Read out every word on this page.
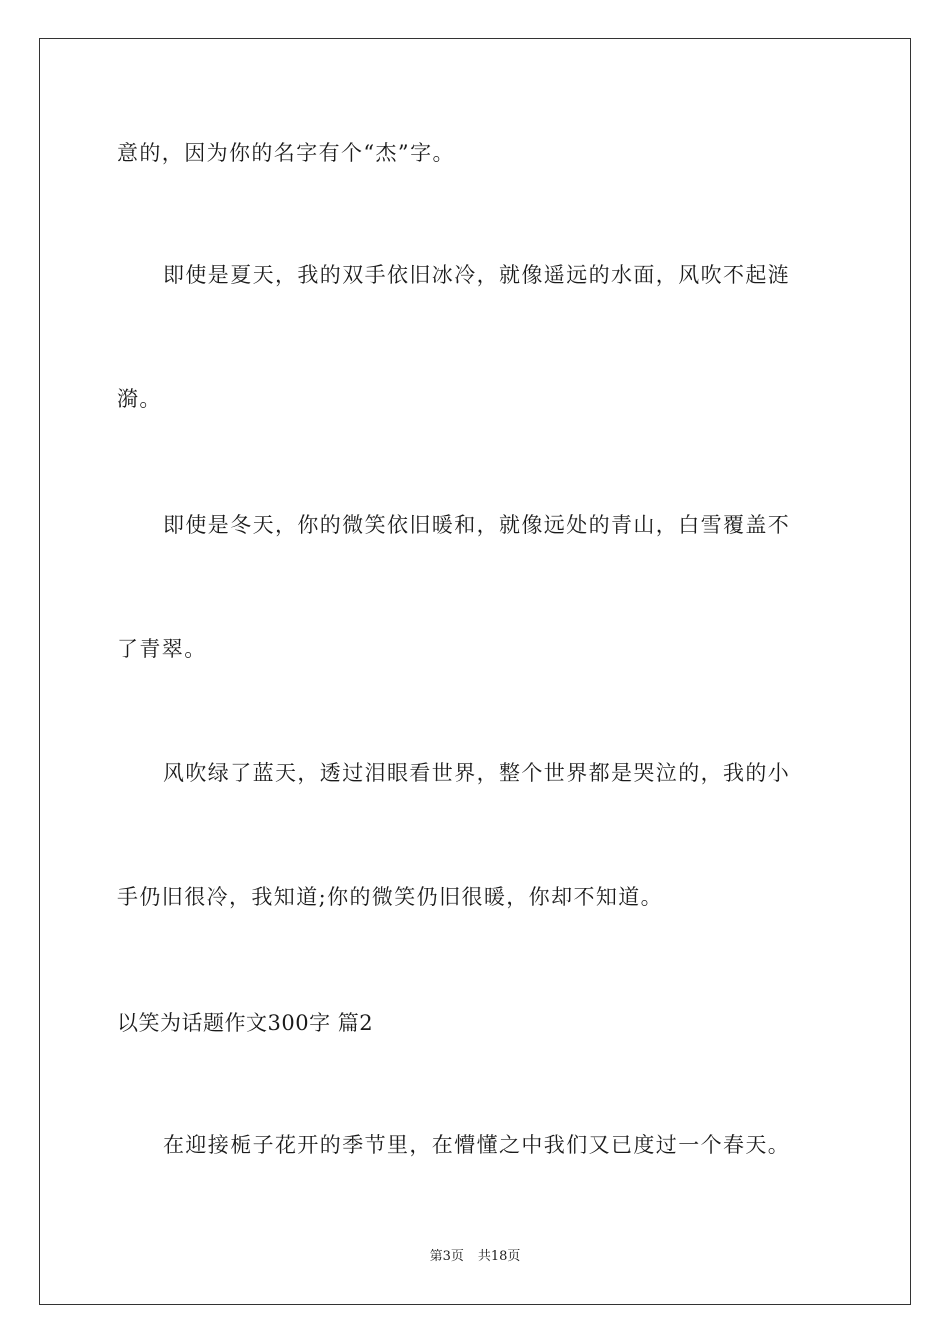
意的，因为你的名字有个“杰”字。
即使是夏天，我的双手依旧冰冷，就像遥远的水面，风吹不起涟
漪。
即使是冬天，你的微笑依旧暖和，就像远处的青山，白雪覆盖不
了青翠。
风吹绿了蓝天，透过泪眼看世界，整个世界都是哭泣的，我的小
手仍旧很冷，我知道;你的微笑仍旧很暖，你却不知道。
以笑为话题作文300字 篇2
在迎接栀子花开的季节里，在懵懂之中我们又已度过一个春天。
第3页 共18页
